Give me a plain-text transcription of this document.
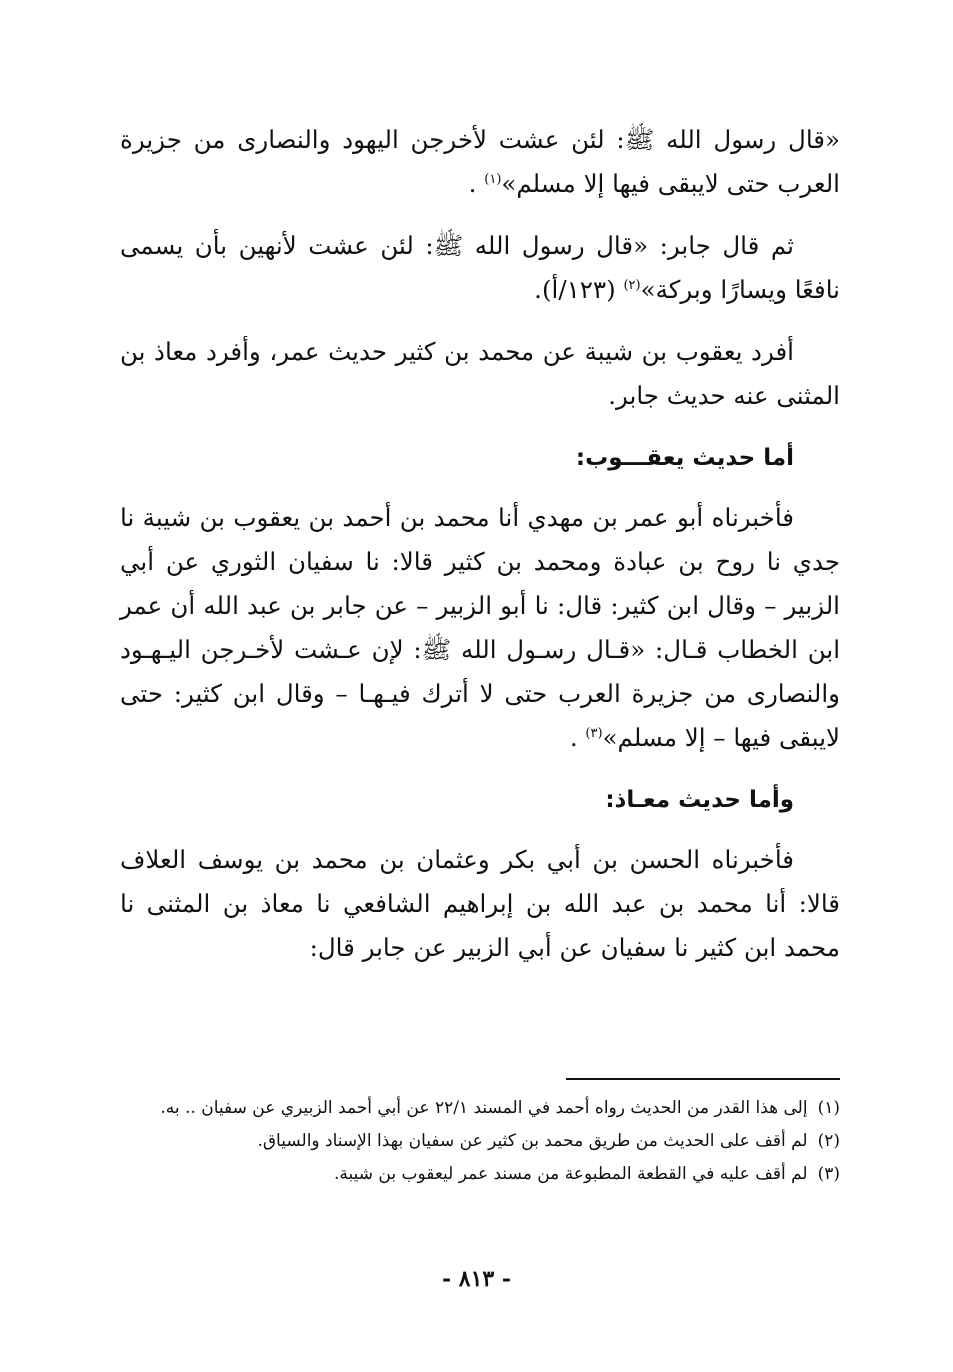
«قال رسول الله ﷺ: لئن عشت لأخرجن اليهود والنصارى من جزيرة العرب حتى لايبقى فيها إلا مسلم»$^{(١)}$ .

ثم قال جابر: «قال رسول الله ﷺ: لئن عشت لأنهين بأن يسمى نافعًا ويسارًا وبركة»$^{(٢)}$ (١٢٣/أ).

أفرد يعقوب بن شيبة عن محمد بن كثير حديث عمر، وأفرد معاذ بن المثنى عنه حديث جابر.

أما حديث يعقـــوب:

فأخبرناه أبو عمر بن مهدي أنا محمد بن أحمد بن يعقوب بن شيبة نا جدي نا روح بن عبادة ومحمد بن كثير قالا: نا سفيان الثوري عن أبي الزبير – وقال ابن كثير: قال: نا أبو الزبير – عن جابر بن عبد الله أن عمر ابن الخطاب قـال: «قـال رسـول الله ﷺ: لإن عـشت لأخـرجن اليـهـود والنصارى من جزيرة العرب حتى لا أترك فيـهـا – وقال ابن كثير: حتى لايبقى فيها – إلا مسلم»$^{(٣)}$ .

وأما حديث معـاذ:

فأخبرناه الحسن بن أبي بكر وعثمان بن محمد بن يوسف العلاف قالا: أنا محمد بن عبد الله بن إبراهيم الشافعي نا معاذ بن المثنى نا محمد ابن كثير نا سفيان عن أبي الزبير عن جابر قال:

(١)إلى هذا القدر من الحديث رواه أحمد في المسند ٢٢/١ عن أبي أحمد الزبيري عن سفيان .. به.

(٢)لم أقف على الحديث من طريق محمد بن كثير عن سفيان بهذا الإسناد والسياق.

(٣)لم أقف عليه في القطعة المطبوعة من مسند عمر ليعقوب بن شيبة.

- ٨١٣ -
